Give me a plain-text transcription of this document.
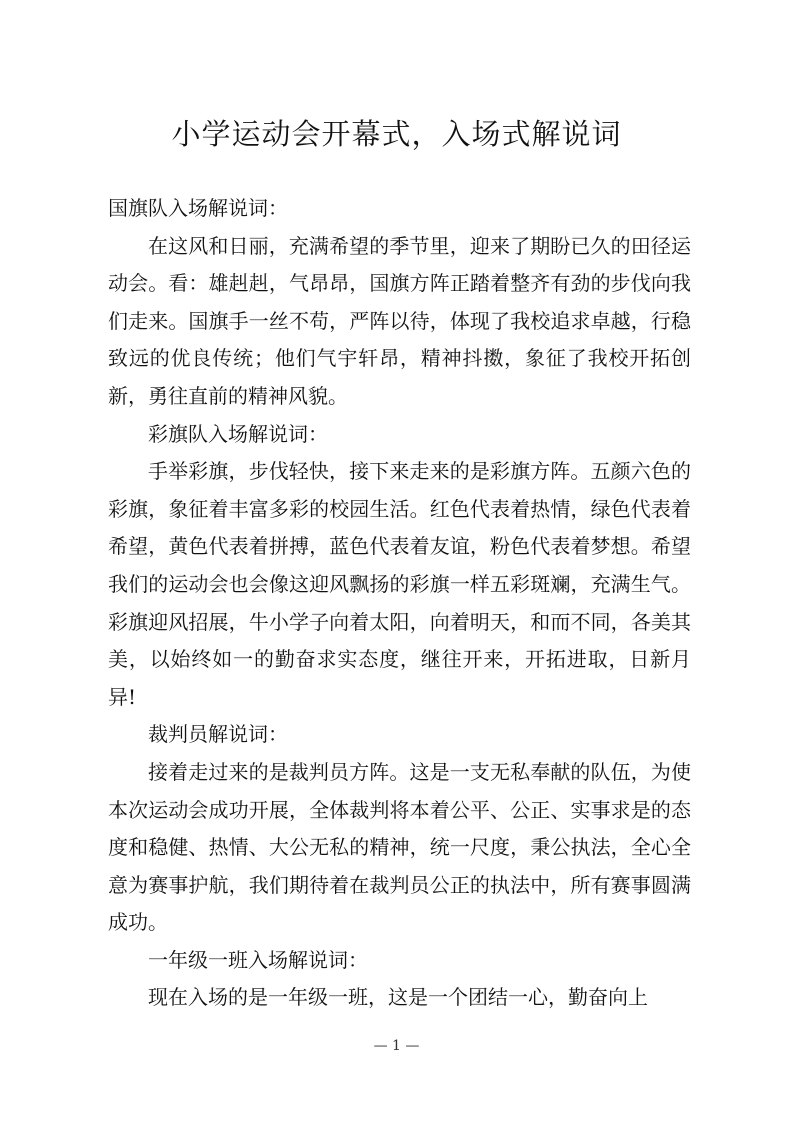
小学运动会开幕式，入场式解说词

国旗队入场解说词：

在这风和日丽，充满希望的季节里，迎来了期盼已久的田径运动会。看：雄赳赳，气昂昂，国旗方阵正踏着整齐有劲的步伐向我们走来。国旗手一丝不苟，严阵以待，体现了我校追求卓越，行稳致远的优良传统；他们气宇轩昂，精神抖擞，象征了我校开拓创新，勇往直前的精神风貌。

彩旗队入场解说词：

手举彩旗，步伐轻快，接下来走来的是彩旗方阵。五颜六色的彩旗，象征着丰富多彩的校园生活。红色代表着热情，绿色代表着希望，黄色代表着拼搏，蓝色代表着友谊，粉色代表着梦想。希望我们的运动会也会像这迎风飘扬的彩旗一样五彩斑斓，充满生气。彩旗迎风招展，牛小学子向着太阳，向着明天，和而不同，各美其美，以始终如一的勤奋求实态度，继往开来，开拓进取，日新月异!

裁判员解说词：

接着走过来的是裁判员方阵。这是一支无私奉献的队伍，为使本次运动会成功开展，全体裁判将本着公平、公正、实事求是的态度和稳健、热情、大公无私的精神，统一尺度，秉公执法，全心全意为赛事护航，我们期待着在裁判员公正的执法中，所有赛事圆满成功。

一年级一班入场解说词：

现在入场的是一年级一班，这是一个团结一心，勤奋向上

— 1 —
